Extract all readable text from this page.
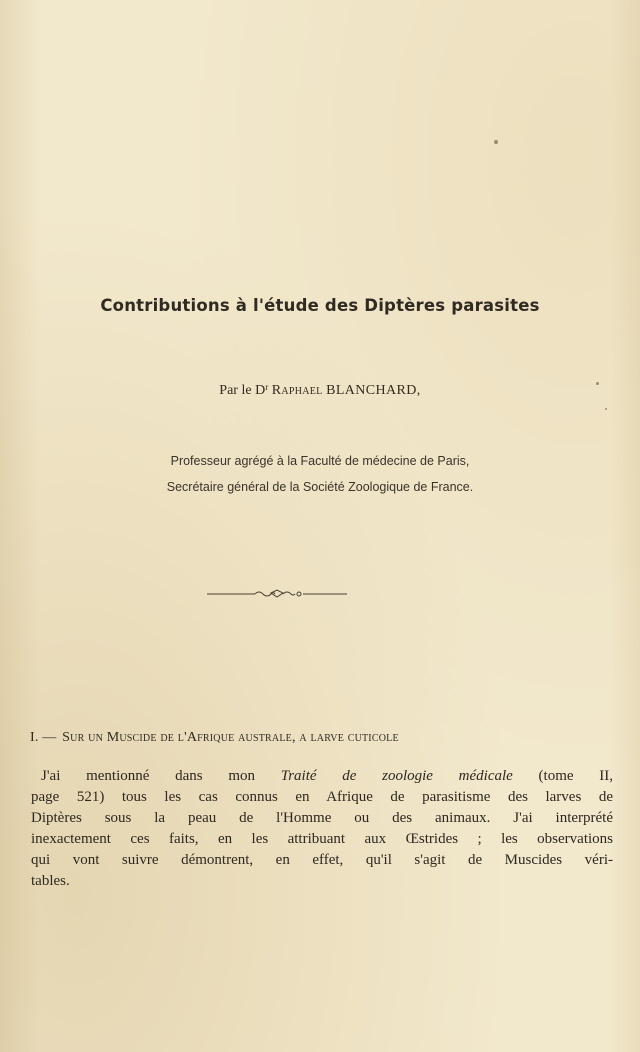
Contributions à l'étude des Diptères parasites
Par le $D^r$ Raphael BLANCHARD,
Professeur agrégé à la Faculté de médecine de Paris,
Secrétaire général de la Société Zoologique de France.
I. — Sur un Muscide de l'Afrique australe, a larve cuticole
J'ai mentionné dans mon Traité de zoologie médicale (tome II,
page 521) tous les cas connus en Afrique de parasitisme des larves de
Diptères sous la peau de l'Homme ou des animaux. J'ai interprété
inexactement ces faits, en les attribuant aux Œstrides ; les observations
qui vont suivre démontrent, en effet, qu'il s'agit de Muscides véri-
tables.
